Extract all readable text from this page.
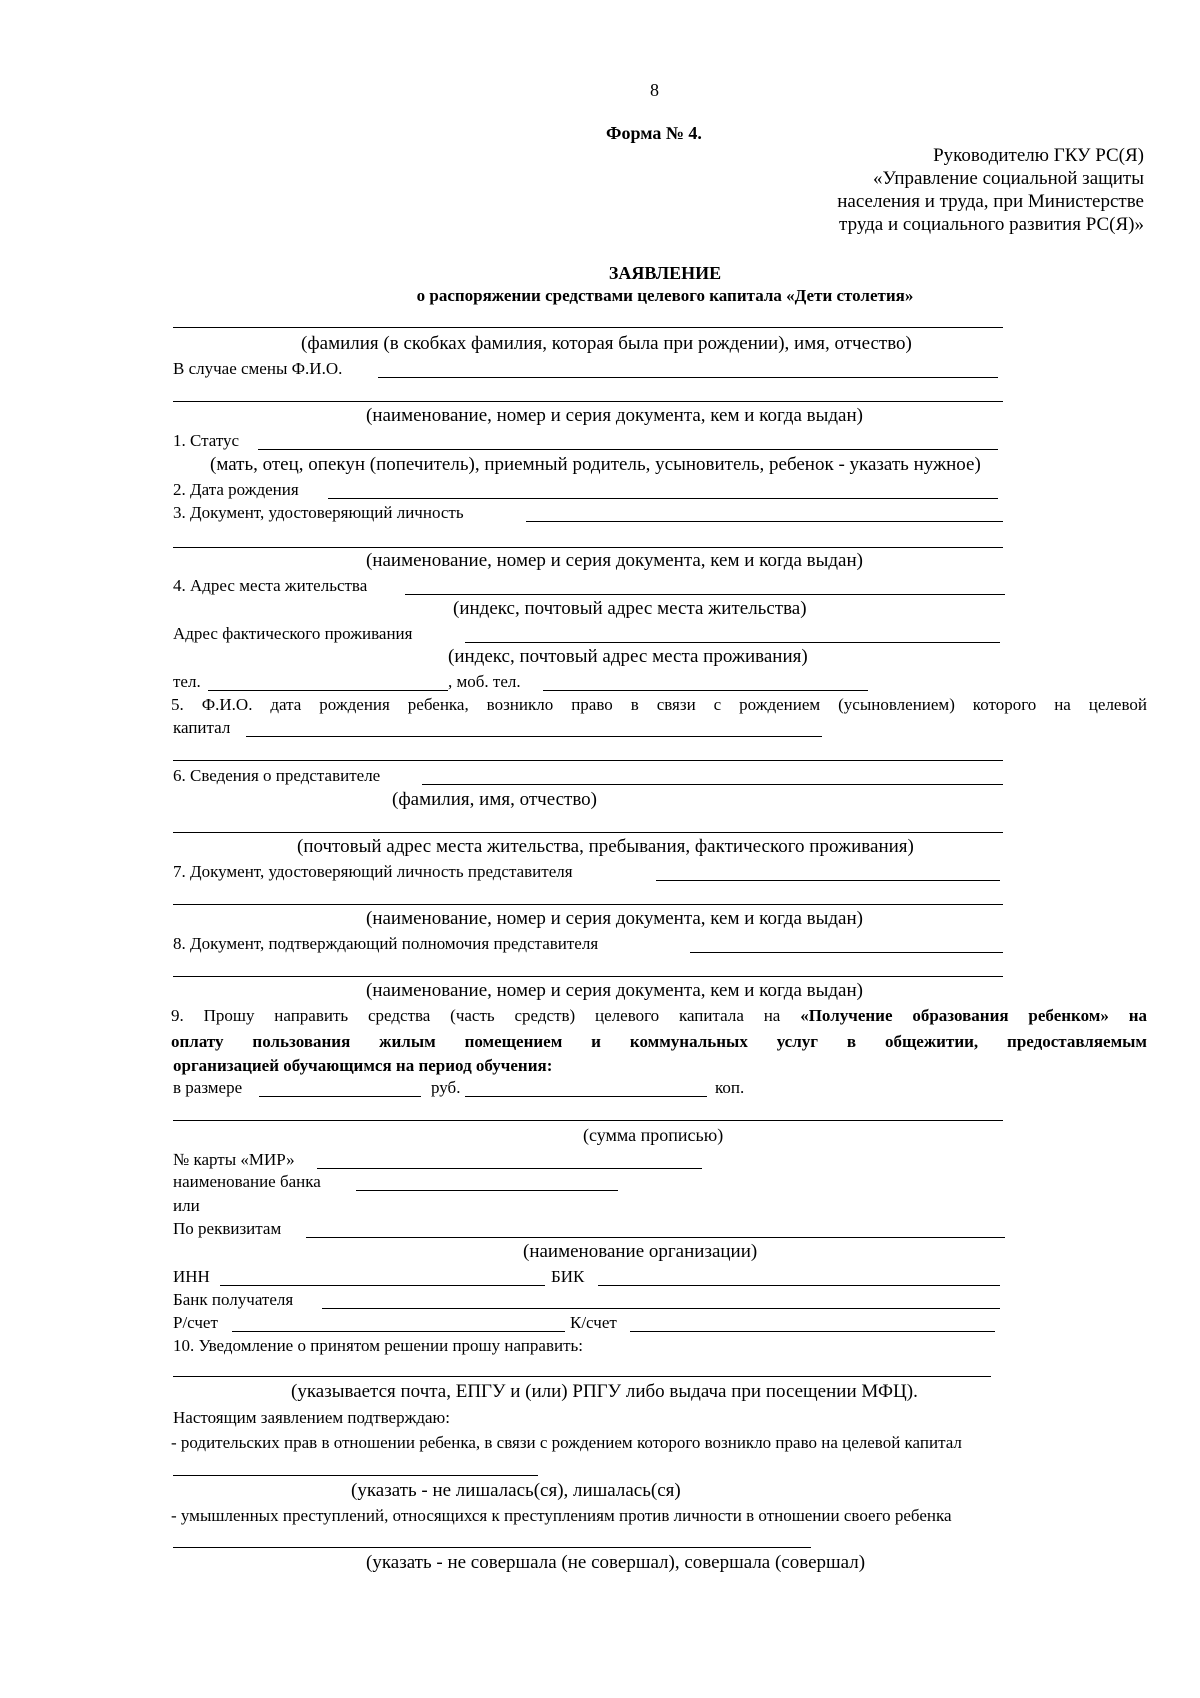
8
Форма № 4.
Руководителю ГКУ РС(Я)
«Управление социальной защиты
населения и труда, при Министерстве
труда и социального развития РС(Я)»
ЗАЯВЛЕНИЕ
о распоряжении средствами целевого капитала «Дети столетия»
(фамилия (в скобках фамилия, которая была при рождении), имя, отчество)
В случае смены Ф.И.О.
(наименование, номер и серия документа, кем и когда выдан)
1. Статус
(мать, отец, опекун (попечитель), приемный родитель, усыновитель, ребенок - указать нужное)
2. Дата рождения
3. Документ, удостоверяющий личность
(наименование, номер и серия документа, кем и когда выдан)
4. Адрес места жительства
(индекс, почтовый адрес места жительства)
Адрес фактического проживания
(индекс, почтовый адрес места проживания)
тел.	, моб. тел.
5. Ф.И.О. дата рождения ребенка, возникло право в связи с рождением (усыновлением) которого на целевой
капитал
6. Сведения о представителе
(фамилия, имя, отчество)
(почтовый адрес места жительства, пребывания, фактического проживания)
7. Документ, удостоверяющий личность представителя
(наименование, номер и серия документа, кем и когда выдан)
8. Документ, подтверждающий полномочия представителя
(наименование, номер и серия документа, кем и когда выдан)
9. Прошу направить средства (часть средств) целевого капитала на «Получение образования ребенком» на
оплату пользования жилым помещением и коммунальных услуг в общежитии, предоставляемым
организацией обучающимся на период обучения:
в размере	руб.	коп.
(сумма прописью)
№ карты «МИР»
наименование банка
или
По реквизитам
(наименование организации)
ИНН	БИК
Банк получателя
Р/счет	К/счет
10. Уведомление о принятом решении прошу направить:
(указывается почта, ЕПГУ и (или) РПГУ либо выдача при посещении МФЦ).
Настоящим заявлением подтверждаю:
- родительских прав в отношении ребенка, в связи с рождением которого возникло право на целевой капитал
(указать - не лишалась(ся), лишалась(ся)
- умышленных преступлений, относящихся к преступлениям против личности в отношении своего ребенка
(указать - не совершала (не совершал), совершала (совершал)
